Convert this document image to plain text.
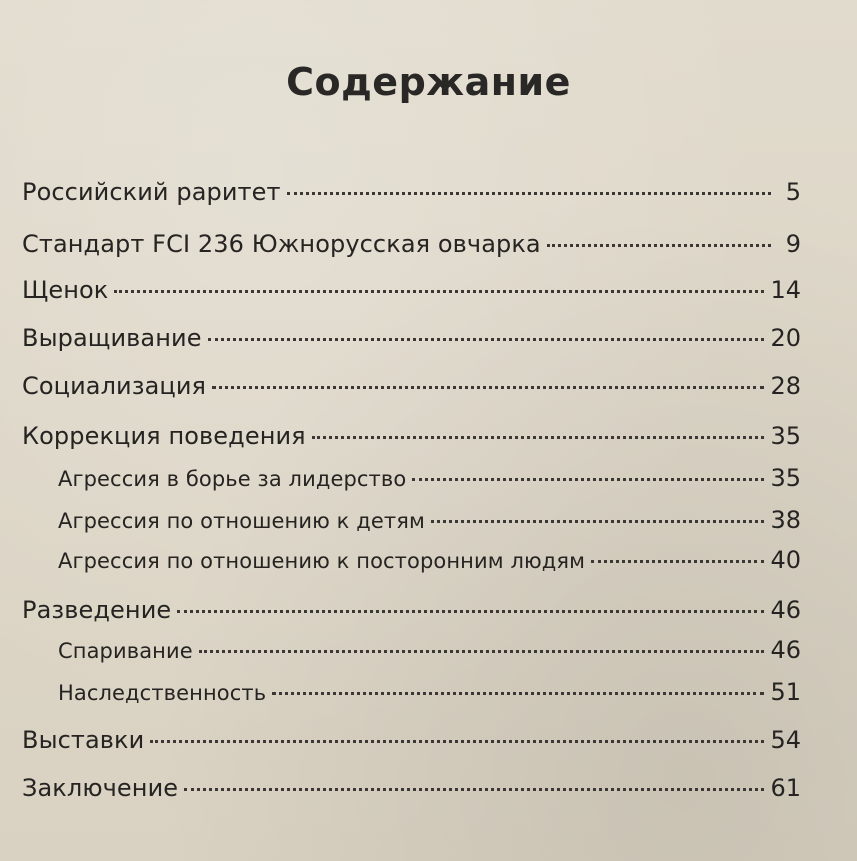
Содержание
Российский раритет	5
Стандарт FCI 236 Южнорусская овчарка	9
Щенок	14
Выращивание	20
Социализация	28
Коррекция поведения	35
Агрессия в борье за лидерство	35
Агрессия по отношению к детям	38
Агрессия по отношению к посторонним людям	40
Разведение	46
Спаривание	46
Наследственность	51
Выставки	54
Заключение	61
